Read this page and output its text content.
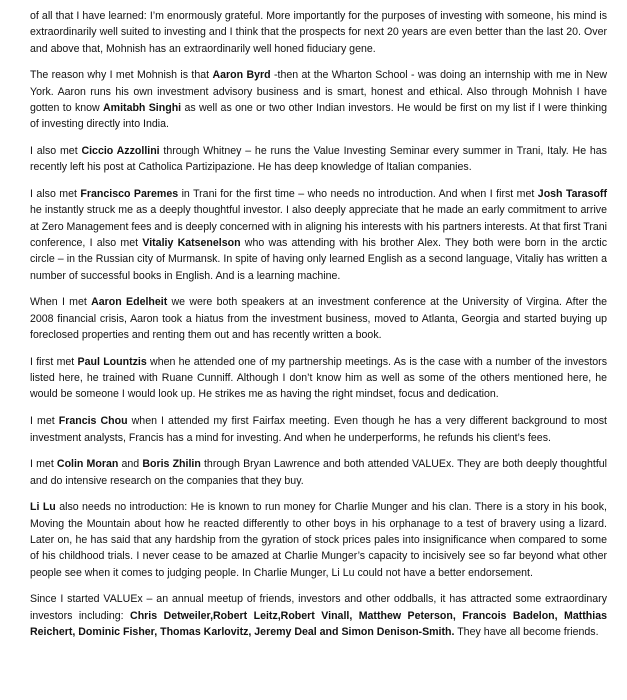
of all that I have learned: I’m enormously grateful. More importantly for the purposes of investing with someone, his mind is extraordinarily well suited to investing and I think that the prospects for next 20 years are even better than the last 20. Over and above that, Mohnish has an extraordinarily well honed fiduciary gene.

The reason why I met Mohnish is that Aaron Byrd -then at the Wharton School - was doing an internship with me in New York. Aaron runs his own investment advisory business and is smart, honest and ethical. Also through Mohnish I have gotten to know Amitabh Singhi as well as one or two other Indian investors. He would be first on my list if I were thinking of investing directly into India.

I also met Ciccio Azzollini through Whitney – he runs the Value Investing Seminar every summer in Trani, Italy. He has recently left his post at Catholica Partizipazione. He has deep knowledge of Italian companies.

I also met Francisco Paremes in Trani for the first time – who needs no introduction. And when I first met Josh Tarasoff he instantly struck me as a deeply thoughtful investor. I also deeply appreciate that he made an early commitment to arrive at Zero Management fees and is deeply concerned with in aligning his interests with his partners interests. At that first Trani conference, I also met Vitaliy Katsenelson who was attending with his brother Alex. They both were born in the arctic circle – in the Russian city of Murmansk. In spite of having only learned English as a second language, Vitaliy has written a number of successful books in English. And is a learning machine.

When I met Aaron Edelheit we were both speakers at an investment conference at the University of Virgina. After the 2008 financial crisis, Aaron took a hiatus from the investment business, moved to Atlanta, Georgia and started buying up foreclosed properties and renting them out and has recently written a book.

I first met Paul Lountzis when he attended one of my partnership meetings. As is the case with a number of the investors listed here, he trained with Ruane Cunniff. Although I don’t know him as well as some of the others mentioned here, he would be someone I would look up. He strikes me as having the right mindset, focus and dedication.

I met Francis Chou when I attended my first Fairfax meeting. Even though he has a very different background to most investment analysts, Francis has a mind for investing. And when he underperforms, he refunds his client’s fees.

I met Colin Moran and Boris Zhilin through Bryan Lawrence and both attended VALUEx. They are both deeply thoughtful and do intensive research on the companies that they buy.

Li Lu also needs no introduction: He is known to run money for Charlie Munger and his clan. There is a story in his book, Moving the Mountain about how he reacted differently to other boys in his orphanage to a test of bravery using a lizard. Later on, he has said that any hardship from the gyration of stock prices pales into insignificance when compared to some of his childhood trials. I never cease to be amazed at Charlie Munger’s capacity to incisively see so far beyond what other people see when it comes to judging people. In Charlie Munger, Li Lu could not have a better endorsement.

Since I started VALUEx – an annual meetup of friends, investors and other oddballs, it has attracted some extraordinary investors including: Chris Detweiler,Robert Leitz,Robert Vinall, Matthew Peterson, Francois Badelon, Matthias Reichert, Dominic Fisher, Thomas Karlovitz, Jeremy Deal and Simon Denison-Smith. They have all become friends.
